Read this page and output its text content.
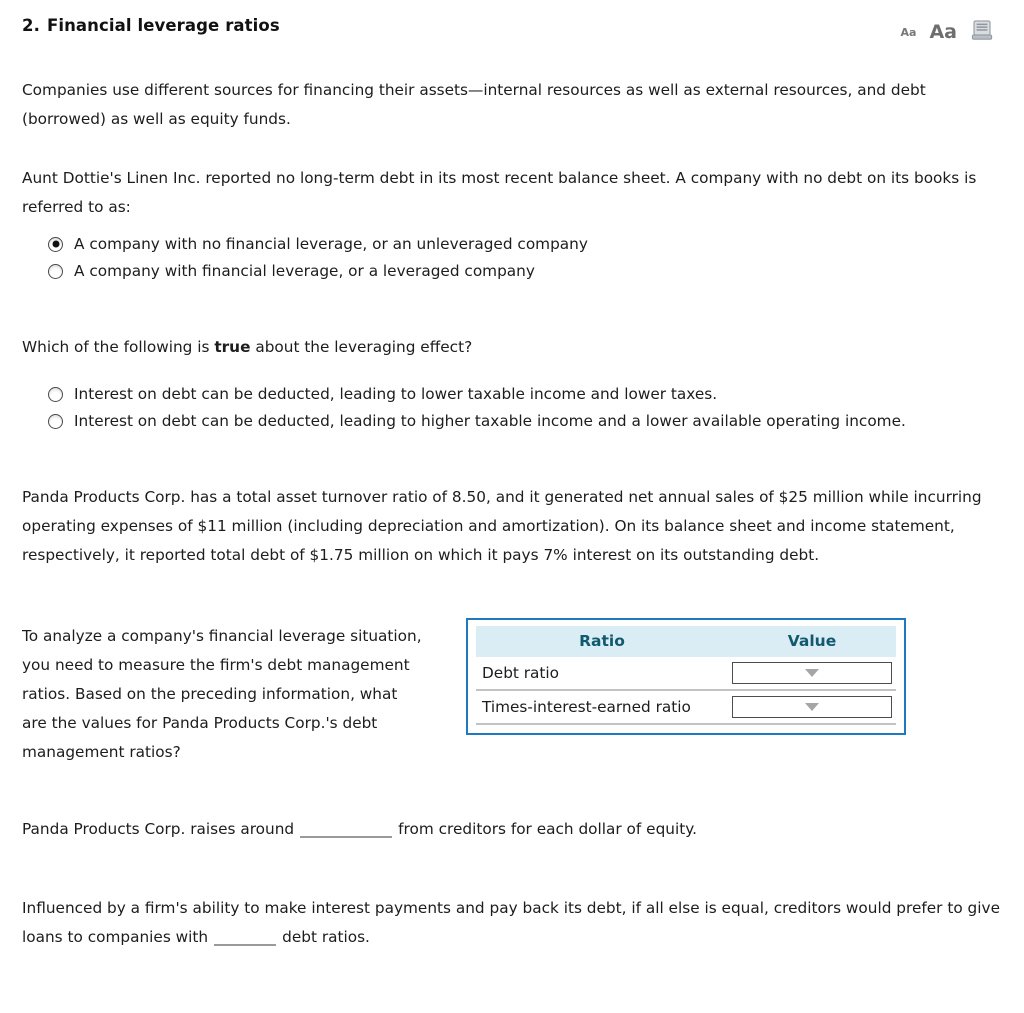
2. Financial leverage ratios	Aa Aa
Companies use different sources for financing their assets—internal resources as well as external resources, and debt (borrowed) as well as equity funds.
Aunt Dottie's Linen Inc. reported no long-term debt in its most recent balance sheet. A company with no debt on its books is referred to as:
A company with no financial leverage, or an unleveraged company
A company with financial leverage, or a leveraged company
Which of the following is true about the leveraging effect?
Interest on debt can be deducted, leading to lower taxable income and lower taxes.
Interest on debt can be deducted, leading to higher taxable income and a lower available operating income.
Panda Products Corp. has a total asset turnover ratio of 8.50, and it generated net annual sales of $25 million while incurring operating expenses of $11 million (including depreciation and amortization). On its balance sheet and income statement, respectively, it reported total debt of $1.75 million on which it pays 7% interest on its outstanding debt.
To analyze a company's financial leverage situation, you need to measure the firm's debt management ratios. Based on the preceding information, what are the values for Panda Products Corp.'s debt management ratios?
Ratio	Value
Debt ratio	

Times-interest-earned ratio	
Panda Products Corp. raises around	from creditors for each dollar of equity.
Influenced by a firm's ability to make interest payments and pay back its debt, if all else is equal, creditors would prefer to give loans to companies with	debt ratios.
